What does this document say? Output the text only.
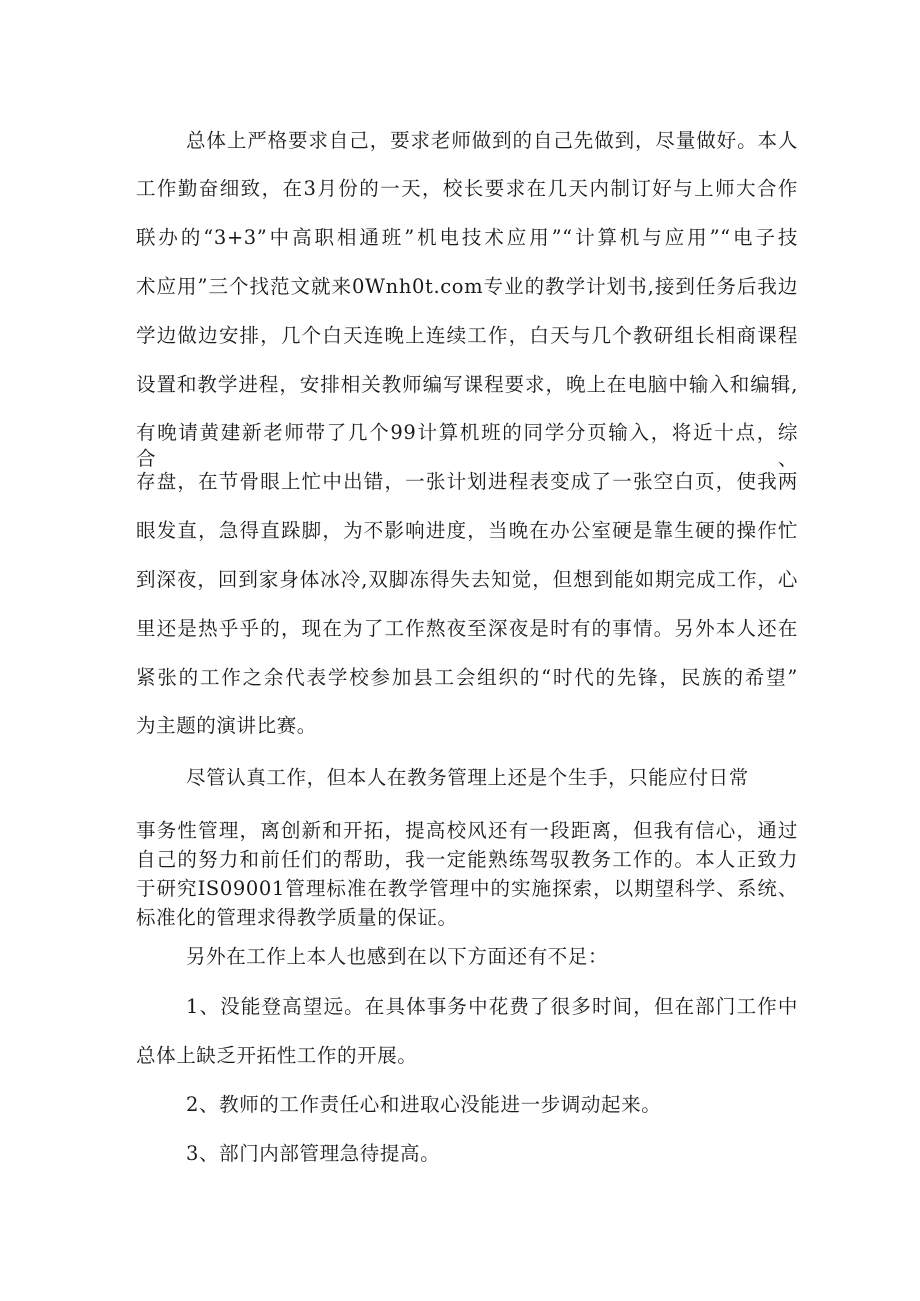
总体上严格要求自己，要求老师做到的自己先做到，尽量做好。本人
工作勤奋细致，在3月份的一天，校长要求在几天内制订好与上师大合作
联办的“3+3”中高职相通班”机电技术应用”“计算机与应用”“电子技
术应用”三个找范文就来0Wnh0t.com专业的教学计划书,接到任务后我边
学边做边安排，几个白天连晚上连续工作，白天与几个教研组长相商课程
设置和教学进程，安排相关教师编写课程要求，晚上在电脑中输入和编辑,
有晚请黄建新老师带了几个99计算机班的同学分页输入，将近十点，综合、
存盘，在节骨眼上忙中出错，一张计划进程表变成了一张空白页，使我两
眼发直，急得直跺脚，为不影响进度，当晚在办公室硬是靠生硬的操作忙
到深夜，回到家身体冰冷,双脚冻得失去知觉，但想到能如期完成工作，心
里还是热乎乎的，现在为了工作熬夜至深夜是时有的事情。另外本人还在
紧张的工作之余代表学校参加县工会组织的“时代的先锋，民族的希望”
为主题的演讲比赛。
尽管认真工作，但本人在教务管理上还是个生手，只能应付日常
事务性管理，离创新和开拓，提高校风还有一段距离，但我有信心，通过
自己的努力和前任们的帮助，我一定能熟练驾驭教务工作的。本人正致力
于研究IS09001管理标准在教学管理中的实施探索，以期望科学、系统、
标准化的管理求得教学质量的保证。
另外在工作上本人也感到在以下方面还有不足：
1、没能登高望远。在具体事务中花费了很多时间，但在部门工作中
总体上缺乏开拓性工作的开展。
2、教师的工作责任心和进取心没能进一步调动起来。
3、部门内部管理急待提高。
